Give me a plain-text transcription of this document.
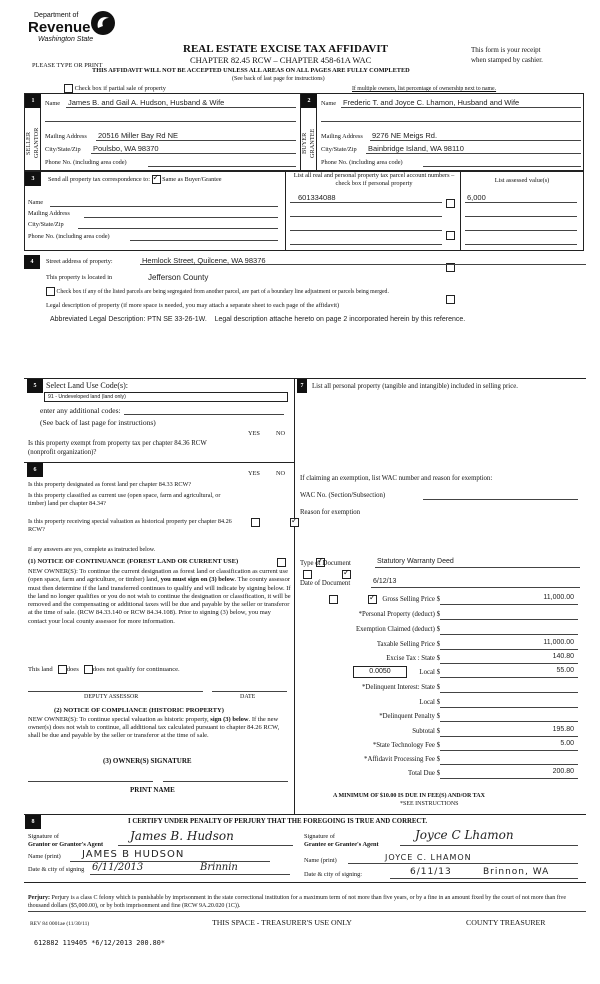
Department of
Revenue
Washington State
PLEASE TYPE OR PRINT
REAL ESTATE EXCISE TAX AFFIDAVIT
CHAPTER 82.45 RCW – CHAPTER 458-61A WAC
This form is your receipt
when stamped by cashier.
THIS AFFIDAVIT WILL NOT BE ACCEPTED UNLESS ALL AREAS ON ALL PAGES ARE FULLY COMPLETED
(See back of last page for instructions)
Check box if partial sale of property	If multiple owners, list percentage of ownership next to name.
1	2
SELLER GRANTOR	BUYER GRANTEE
Name James B. and Gail A. Hudson, Husband & Wife
Mailing Address 20516 Miller Bay Rd NE
City/State/Zip Poulsbo, WA 98370
Phone No. (including area code)
Name Frederic T. and Joyce C. Lhamon, Husband and Wife
Mailing Address 9276 NE Meigs Rd.
City/State/Zip Bainbridge Island, WA 98110
Phone No. (including area code)
3	Send all property tax correspondence to: ✓ Same as Buyer/Grantee
Name
Mailing Address
City/State/Zip
Phone No. (including area code)
List all real and personal property tax parcel account numbers – check box if personal property	List assessed value(s)
601334088	6,000
4	Street address of property:	Hemlock Street, Quilcene, WA 98376
This property is located in	Jefferson County
Check box if any of the listed parcels are being segregated from another parcel, are part of a boundary line adjustment or parcels being merged.
Legal description of property (if more space is needed, you may attach a separate sheet to each page of the affidavit)
Abbreviated Legal Description: PTN SE 33-26-1W.    Legal description attache hereto on page 2 incorporated herein by this reference.
5	Select Land Use Code(s):
91 - Undeveloped land (land only)
enter any additional codes:
(See back of last page for instructions)
YES	NO
Is this property exempt from property tax per chapter 84.36 RCW (nonprofit organization)?
✓
6	YES	NO
Is this property designated as forest land per chapter 84.33 RCW?
✓
Is this property classified as current use (open space, farm and agricultural, or timber) land per chapter 84.34?
✓
Is this property receiving special valuation as historical property per chapter 84.26 RCW?
✓
If any answers are yes, complete as instructed below.
(1) NOTICE OF CONTINUANCE (FOREST LAND OR CURRENT USE)
NEW OWNER(S): To continue the current designation as forest land or classification as current use (open space, farm and agriculture, or timber) land, you must sign on (3) below. The county assessor must then determine if the land transferred continues to qualify and will indicate by signing below. If the land no longer qualifies or you do not wish to continue the designation or classification, it will be removed and the compensating or additional taxes will be due and payable by the seller or transferor at the time of sale. (RCW 84.33.140 or RCW 84.34.108). Prior to signing (3) below, you may contact your local county assessor for more information.
This land does does not qualify for continuance.
DEPUTY ASSESSOR	DATE
(2) NOTICE OF COMPLIANCE (HISTORIC PROPERTY)
NEW OWNER(S): To continue special valuation as historic property, sign (3) below. If the new owner(s) does not wish to continue, all additional tax calculated pursuant to chapter 84.26 RCW, shall be due and payable by the seller or transferor at the time of sale.
(3) OWNER(S) SIGNATURE
PRINT NAME
7	List all personal property (tangible and intangible) included in selling price.
If claiming an exemption, list WAC number and reason for exemption:
WAC No. (Section/Subsection)
Reason for exemption
Type of Document	Statutory Warranty Deed
Date of Document	6/12/13
Gross Selling Price $	11,000.00
*Personal Property (deduct) $
Exemption Claimed (deduct) $
Taxable Selling Price $	11,000.00
Excise Tax : State $	140.80
0.0050	Local $	55.00
*Delinquent Interest: State $
Local $
*Delinquent Penalty $
Subtotal $	195.80
*State Technology Fee $	5.00
*Affidavit Processing Fee $
Total Due $	200.80
A MINIMUM OF $10.00 IS DUE IN FEE(S) AND/OR TAX
*SEE INSTRUCTIONS
8	I CERTIFY UNDER PENALTY OF PERJURY THAT THE FOREGOING IS TRUE AND CORRECT.
Signature of
Grantor or Grantor's Agent
James B. Hudson
Name (print) JAMES B HUDSON
Date & city of signing 6/11/2013	Brinnin
Signature of
Grantee or Grantee's Agent
Joyce C Lhamon
Name (print)	JOYCE C. LHAMON
Date & city of signing:	6/11/13	Brinnon, WA
Perjury: Perjury is a class C felony which is punishable by imprisonment in the state correctional institution for a maximum term of not more than five years, or by a fine in an amount fixed by the court of not more than five thousand dollars ($5,000.00), or by both imprisonment and fine (RCW 9A.20.020 (1C)).
REV 84 0001ae (11/30/11)	THIS SPACE - TREASURER'S USE ONLY	COUNTY TREASURER
612882 119405 *6/12/2013 200.80*
